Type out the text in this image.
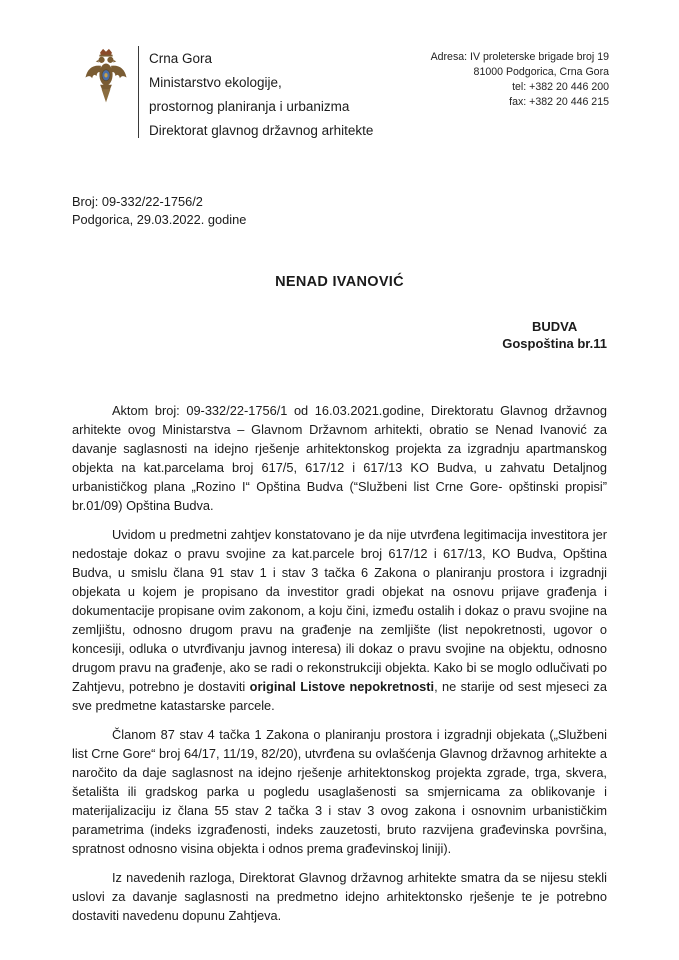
Crna Gora
Ministarstvo ekologije,
prostornog planiranja i urbanizma
Direktorat glavnog državnog arhitekte
Adresa: IV proleterske brigade broj 19
81000 Podgorica, Crna Gora
tel: +382 20 446 200
fax: +382 20 446 215
Broj: 09-332/22-1756/2
Podgorica, 29.03.2022. godine
NENAD IVANOVIĆ
BUDVA
Gospoština br.11

Aktom broj: 09-332/22-1756/1 od 16.03.2021.godine, Direktoratu Glavnog državnog arhitekte ovog Ministarstva – Glavnom Državnom arhitekti, obratio se Nenad Ivanović za davanje saglasnosti na idejno rješenje arhitektonskog projekta za izgradnju apartmanskog objekta na kat.parcelama broj 617/5, 617/12 i 617/13 KO Budva, u zahvatu Detaljnog urbanističkog plana „Rozino I“ Opština Budva (“Službeni list Crne Gore- opštinski propisi” br.01/09) Opština Budva.

Uvidom u predmetni zahtjev konstatovano je da nije utvrđena legitimacija investitora jer nedostaje dokaz o pravu svojine za kat.parcele broj 617/12 i 617/13, KO Budva, Opština Budva, u smislu člana 91 stav 1 i stav 3 tačka 6 Zakona o planiranju prostora i izgradnji objekata u kojem je propisano da investitor gradi objekat na osnovu prijave građenja i dokumentacije propisane ovim zakonom, a koju čini, između ostalih i dokaz o pravu svojine na zemljištu, odnosno drugom pravu na građenje na zemljište (list nepokretnosti, ugovor o koncesiji, odluka o utvrđivanju javnog interesa) ili dokaz o pravu svojine na objektu, odnosno drugom pravu na građenje, ako se radi o rekonstrukciji objekta. Kako bi se moglo odlučivati po Zahtjevu, potrebno je dostaviti original Listove nepokretnosti, ne starije od sest mjeseci za sve predmetne katastarske parcele.

Članom 87 stav 4 tačka 1 Zakona o planiranju prostora i izgradnji objekata („Službeni list Crne Gore“ broj 64/17, 11/19, 82/20), utvrđena su ovlašćenja Glavnog državnog arhitekte a naročito da daje saglasnost na idejno rješenje arhitektonskog projekta zgrade, trga, skvera, šetališta ili gradskog parka u pogledu usaglašenosti sa smjernicama za oblikovanje i materijalizaciju iz člana 55 stav 2 tačka 3 i stav 3 ovog zakona i osnovnim urbanističkim parametrima (indeks izgrađenosti, indeks zauzetosti, bruto razvijena građevinska površina, spratnost odnosno visina objekta i odnos prema građevinskoj liniji).

Iz navedenih razloga, Direktorat Glavnog državnog arhitekte smatra da se nijesu stekli uslovi za davanje saglasnosti na predmetno idejno arhitektonsko rješenje te je potrebno dostaviti navedenu dopunu Zahtjeva.
